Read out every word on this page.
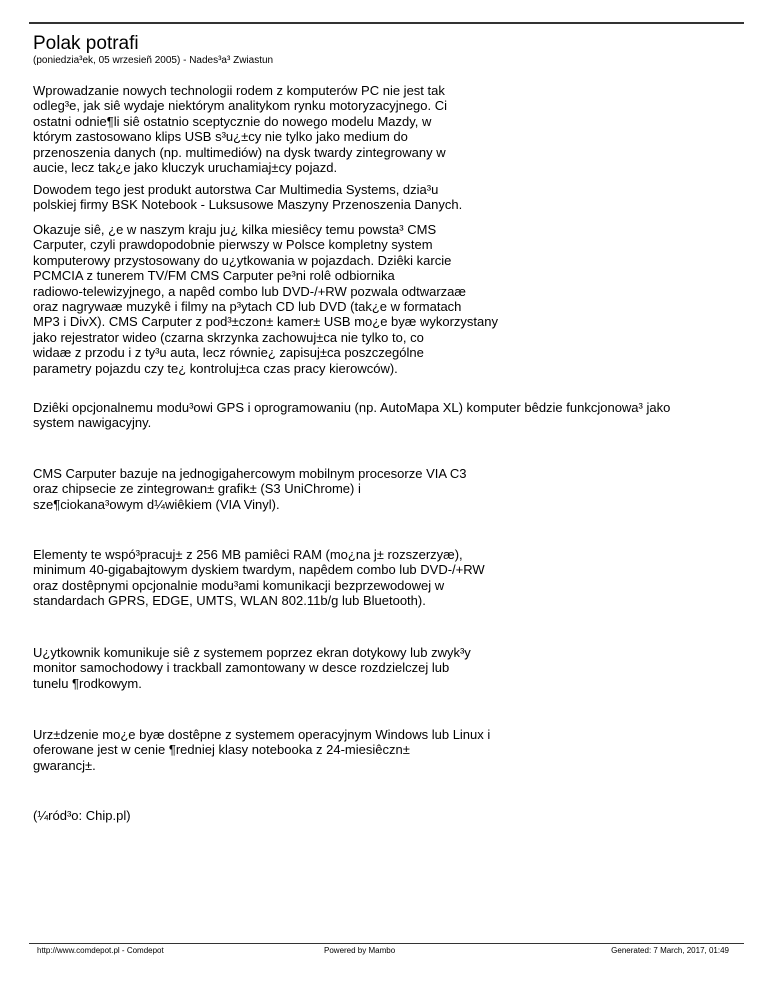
Polak potrafi
(poniedzia³ek, 05 wrzesieñ 2005) - Nades³a³ Zwiastun

Wprowadzanie nowych technologii rodem z komputerów PC nie jest tak
odleg³e, jak siê wydaje niektórym analitykom rynku motoryzacyjnego. Ci
ostatni odnie¶li siê ostatnio sceptycznie do nowego modelu Mazdy, w
którym zastosowano klips USB s³u¿±cy nie tylko jako medium do
przenoszenia danych (np. multimediów) na dysk twardy zintegrowany w
aucie, lecz tak¿e jako kluczyk uruchamiaj±cy pojazd.

Dowodem tego jest produkt autorstwa Car Multimedia Systems, dzia³u
polskiej firmy BSK Notebook - Luksusowe Maszyny Przenoszenia Danych.

Okazuje siê, ¿e w naszym kraju ju¿ kilka miesiêcy temu powsta³ CMS
Carputer, czyli prawdopodobnie pierwszy w Polsce kompletny system
komputerowy przystosowany do u¿ytkowania w pojazdach. Dziêki karcie
PCMCIA z tunerem TV/FM CMS Carputer pe³ni rolê odbiornika
radiowo-telewizyjnego, a napêd combo lub DVD-/+RW pozwala odtwarzaæ
oraz nagrywaæ muzykê i filmy na p³ytach CD lub DVD (tak¿e w formatach
MP3 i DivX). CMS Carputer z pod³±czon± kamer± USB mo¿e byæ wykorzystany
jako rejestrator wideo (czarna skrzynka zachowuj±ca nie tylko to, co
widaæ z przodu i z ty³u auta, lecz równie¿ zapisuj±ca poszczególne
parametry pojazdu czy te¿ kontroluj±ca czas pracy kierowców).

Dziêki opcjonalnemu modu³owi GPS i oprogramowaniu (np. AutoMapa XL) komputer bêdzie funkcjonowa³ jako
system nawigacyjny.

CMS Carputer bazuje na jednogigahercowym mobilnym procesorze VIA C3
oraz chipsecie ze zintegrowan± grafik± (S3 UniChrome) i
sze¶ciokana³owym d¼wiêkiem (VIA Vinyl).

Elementy te wspó³pracuj± z 256 MB pamiêci RAM (mo¿na j± rozszerzyæ),
minimum 40-gigabajtowym dyskiem twardym, napêdem combo lub DVD-/+RW
oraz dostêpnymi opcjonalnie modu³ami komunikacji bezprzewodowej w
standardach GPRS, EDGE, UMTS, WLAN 802.11b/g lub Bluetooth).

U¿ytkownik komunikuje siê z systemem poprzez ekran dotykowy lub zwyk³y
monitor samochodowy i trackball zamontowany w desce rozdzielczej lub
tunelu ¶rodkowym.

Urz±dzenie mo¿e byæ dostêpne z systemem operacyjnym Windows lub Linux i
oferowane jest w cenie ¶redniej klasy notebooka z 24-miesiêczn±
gwarancj±.

(¼ród³o: Chip.pl)

http://www.comdepot.pl - Comdepot	Powered by Mambo	Generated: 7 March, 2017, 01:49
